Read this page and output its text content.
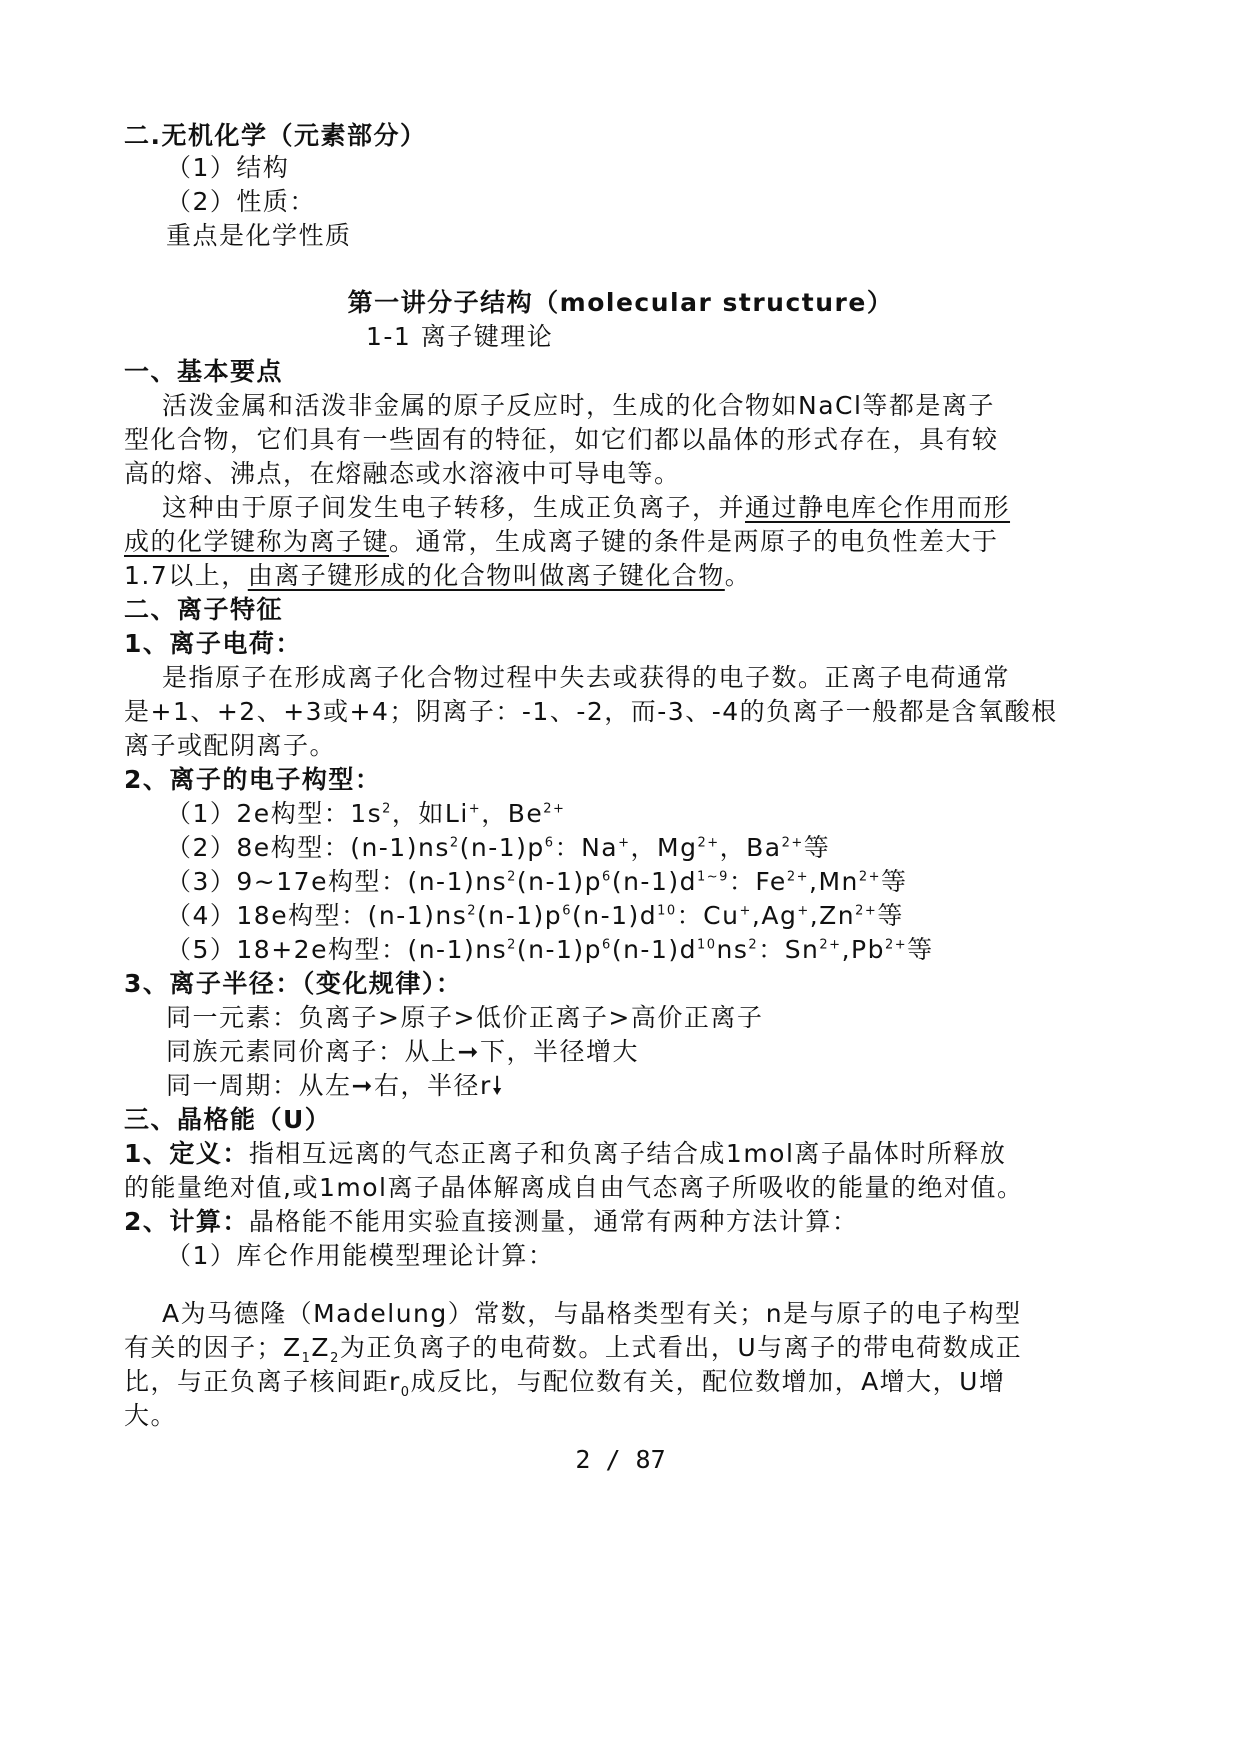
二.无机化学（元素部分）
（1）结构
（2）性质：
重点是化学性质
第一讲分子结构（molecular structure）
1-1 离子键理论
一、基本要点
活泼金属和活泼非金属的原子反应时，生成的化合物如NaCl等都是离子
型化合物，它们具有一些固有的特征，如它们都以晶体的形式存在，具有较
高的熔、沸点，在熔融态或水溶液中可导电等。
这种由于原子间发生电子转移，生成正负离子，并通过静电库仑作用而形
成的化学键称为离子键。通常，生成离子键的条件是两原子的电负性差大于
1.7以上，由离子键形成的化合物叫做离子键化合物。
二、离子特征
1、离子电荷：
是指原子在形成离子化合物过程中失去或获得的电子数。正离子电荷通常
是+1、+2、+3或+4；阴离子：-1、-2，而-3、-4的负离子一般都是含氧酸根
离子或配阴离子。
2、离子的电子构型：
（1）2e构型：$1s^2$，如Li+，$Be^{2+}$
（2）8e构型：$(n-1)ns^2(n-1)p^6$：Na+，$Mg^{2+}$，$Ba^{2+}$等
（3）9~17e构型：$(n-1)ns^2(n-1)p^6(n-1)d^{1\sim 9}$：$Fe^{2+},Mn^{2+}$等
（4）18e构型：$(n-1)ns^2(n-1)p^6(n-1)d^{10}$：$Cu^+,Ag^+,Zn^{2+}$等
（5）18+2e构型：$(n-1)ns^2(n-1)p^6(n-1)d^{10}ns^2$：$Sn^{2+},Pb^{2+}$等
3、离子半径：（变化规律）：
同一元素：负离子>原子>低价正离子>高价正离子
同族元素同价离子：从上➞下，半径增大
同一周期：从左➞右，半径r🠗
三、晶格能（U）
1、定义：指相互远离的气态正离子和负离子结合成1mol离子晶体时所释放
的能量绝对值,或1mol离子晶体解离成自由气态离子所吸收的能量的绝对值。
2、计算：晶格能不能用实验直接测量，通常有两种方法计算：
（1）库仑作用能模型理论计算：
A为马德隆（Madelung）常数，与晶格类型有关；n是与原子的电子构型
有关的因子；$Z_1Z_2$为正负离子的电荷数。上式看出，U与离子的带电荷数成正
比，与正负离子核间距$r_0$成反比，与配位数有关，配位数增加，A增大，U增
大。
2 / 87
